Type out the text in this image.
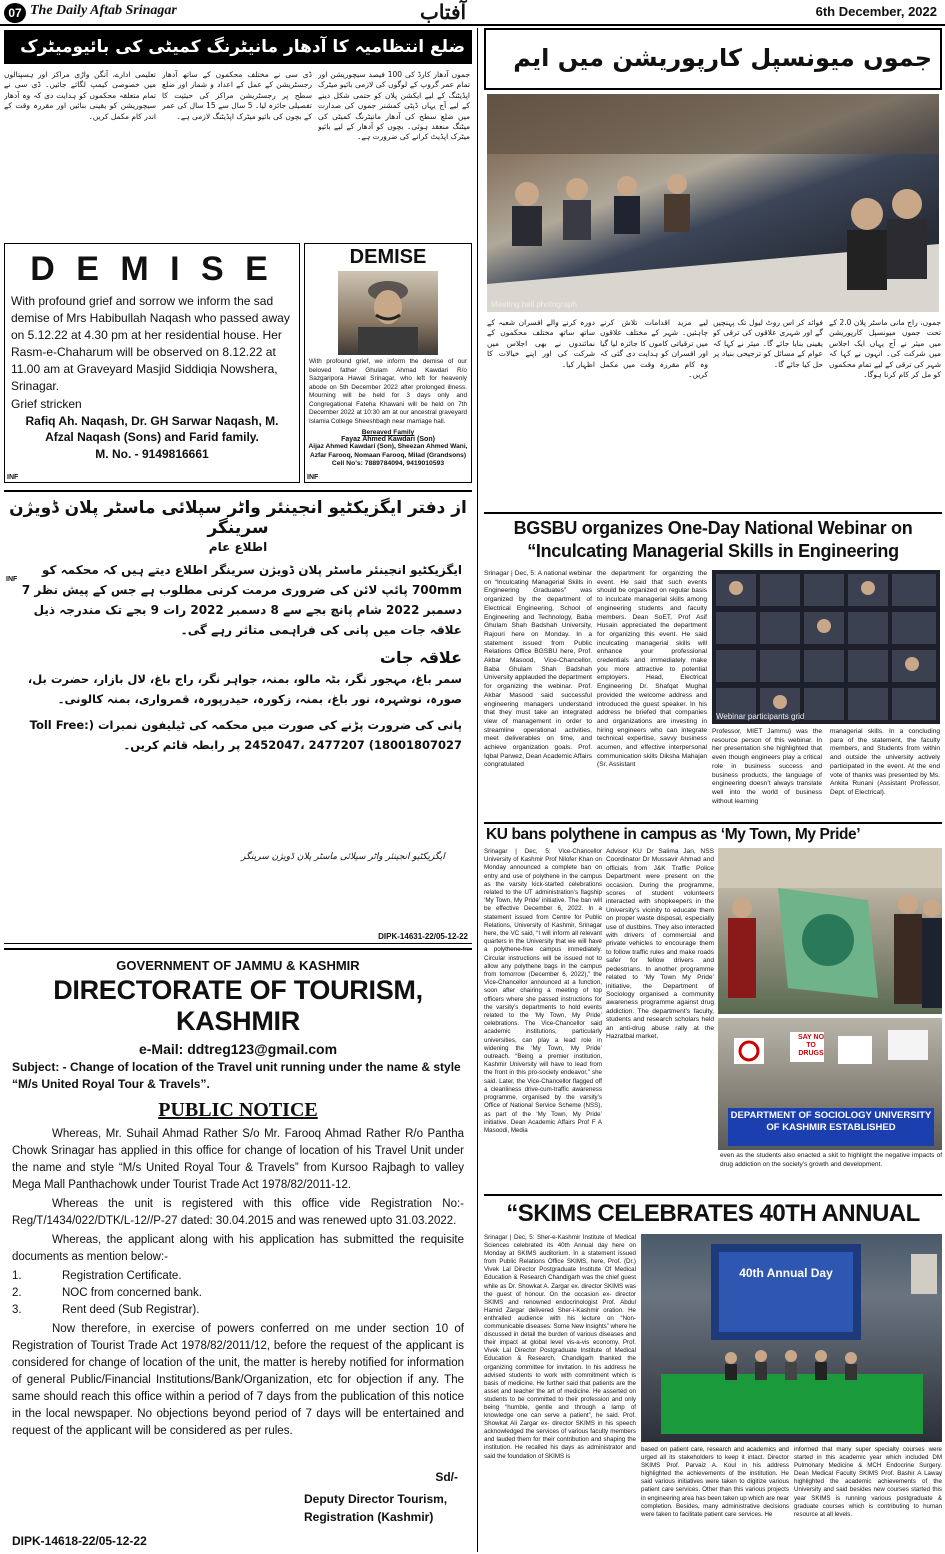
07 The Daily Aftab Srinagar	آفتاب	6th December, 2022
ضلع انتظامیہ کا آدھار مانیٹرنگ کمیٹی کی بائیومیٹرک
جموں آدھار کارڈ کی 100 فیصد سیچوریشن اور تمام عمر گروپ کے لوگوں کی لازمی بائیو میٹرک اپڈیٹنگ کے لیے ایکشن پلان کو حتمی شکل دینے کے لیے آج یہاں ڈپٹی کمشنر جموں کی صدارت میں ضلع سطح کی آدھار مانیٹرنگ کمیٹی کی میٹنگ منعقد ہوئی۔ بچوں کو آدھار کے لیے بائیو میٹرک اپڈیٹ کرانے کی ضرورت ہے۔
ڈی سی نے مختلف محکموں کے ساتھ آدھار رجسٹریشن کے عمل کے اعداد و شمار اور ضلع سطح پر رجسٹریشن مراکز کی حیثیت کا تفصیلی جائزہ لیا۔ 5 سال سے 15 سال کی عمر کے بچوں کی بائیو میٹرک اپڈیٹنگ لازمی ہے۔
تعلیمی ادارے، آنگن واڑی مراکز اور ہسپتالوں میں خصوصی کیمپ لگائے جائیں۔ ڈی سی نے تمام متعلقہ محکموں کو ہدایت دی کہ وہ آدھار سیچوریشن کو یقینی بنائیں اور مقررہ وقت کے اندر کام مکمل کریں۔
D E M I S E
With profound grief and sorrow we inform the sad demise of Mrs Habibullah Naqash who passed away on 5.12.22 at 4.30 pm at her residential house. Her Rasm-e-Chaharum will be observed on 8.12.22 at 11.00 am at Graveyard Masjid Siddiqia Nowshera, Srinagar.
Grief stricken
Rafiq Ah. Naqash, Dr. GH Sarwar Naqash, M. Afzal Naqash (Sons) and Farid family.
M. No. - 9149816661
INF
DEMISE
With profound grief, we inform the demise of our beloved father Ghulam Ahmad Kawdari R/o Sazgaripora Hawal Srinagar, who left for heavenly abode on 5th December 2022 after prolonged illness. Mourning will be held for 3 days only and Congregational Fateha Khawani will be held on 7th December 2022 at 10:30 am at our ancestral graveyard Islamia College Sheeshbagh near marriage hall.
Bereaved Family
Fayaz Ahmed Kawdari (Son)
Aijaz Ahmed Kawdari (Son), Sheezan Ahmed Wani, Azfar Farooq, Nomaan Farooq, Milad (Grandsons)
Cell No's: 7889784094, 9419010593
INF
جموں میونسپل کارپوریشن میں ایم
Meeting hall photograph
جموں، راج مانی ماسٹر پلان 2.0 کے تحت جموں میونسپل کارپوریشن میں میئر نے آج یہاں ایک اجلاس میں شرکت کی۔ انہوں نے کہا کہ شہر کی ترقی کے لیے تمام محکموں کو مل کر کام کرنا ہوگا۔
فوائد کر اس روٹ لیول تک پہنچیں گے اور شہری علاقوں کی ترقی کو یقینی بنایا جائے گا۔ میئر نے کہا کہ عوام کے مسائل کو ترجیحی بنیاد پر حل کیا جائے گا۔
لیے مزید اقدامات تلاش کرنے چاہئیں۔ شہر کے مختلف علاقوں میں ترقیاتی کاموں کا جائزہ لیا گیا اور افسران کو ہدایت دی گئی کہ وہ کام مقررہ وقت میں مکمل کریں۔
دورہ کرنے والے افسران شعبہ کے ساتھ ساتھ مختلف محکموں کے نمائندوں نے بھی اجلاس میں شرکت کی اور اپنے خیالات کا اظہار کیا۔
از دفتر ایگزیکٹیو انجینئر واٹر سپلائی ماسٹر پلان ڈویژن سرینگر
اطلاع عام
ایگزیکٹیو انجینئر ماسٹر پلان ڈویژن سرینگر اطلاع دیتے ہیں کہ محکمہ کو 700mm پائپ لائن کی ضروری مرمت کرنی مطلوب ہے جس کے پیش نظر 7 دسمبر 2022 شام پانچ بجے سے 8 دسمبر 2022 رات 9 بجے تک مندرجہ ذیل علاقہ جات میں پانی کی فراہمی متاثر رہے گی۔
علاقہ جات
سمر باغ، مہجور نگر، بٹہ مالو، بمنہ، جواہر نگر، راج باغ، لال بازار، حضرت بل، صورہ، نوشہرہ، نور باغ، بمنہ، زکورہ، حیدرپورہ، قمرواری، بمنہ کالونی۔
پانی کی ضرورت پڑنے کی صورت میں محکمہ کی ٹیلیفون نمبرات (Toll Free: 18001807027) 2452047، 2477207 پر رابطہ قائم کریں۔
ایگزیکٹیو انجینئر واٹر سپلائی ماسٹر پلان ڈویژن سرینگر
INF
DIPK-14631-22/05-12-22
BGSBU organizes One-Day National Webinar on “Inculcating Managerial Skills in Engineering
Srinagar | Dec, 5: A national webinar on “Inculcating Managerial Skills in Engineering Graduates” was organized by the department of Electrical Engineering, School of Engineering and Technology, Baba Ghulam Shah Badshah University, Rajouri here on Monday. In a statement issued from Public Relations Office BGSBU here, Prof. Akbar Masood, Vice-Chancellor, Baba Ghulam Shah Badshah University applauded the department for organizing the webinar. Prof. Akbar Masood said successful engineering managers understand that they must take an integrated view of management in order to streamline operational activities, meet deliverables on time, and achieve organization goals. Prof. Iqbal Parwez, Dean Academic Affairs congratulated
the department for organizing the event. He said that such events should be organized on regular basis to inculcate managerial skills among engineering students and faculty members. Dean SoET, Prof Asif Husain appreciated the department for organizing this event. He said inculcating managerial skills will enhance your professional credentials and immediately make you more attractive to potential employers. Head, Electrical Engineering Dr. Shafqat Mughal provided the welcome address and introduced the guest speaker. In his address he briefed that companies and organizations are investing in hiring engineers who can integrate technical expertise, savvy business acumen, and effective interpersonal communication skills Diksha Mahajan (Sr. Assistant
Webinar participants grid
Professor, MIET Jammu) was the resource person of this webinar. In her presentation she highlighted that even though engineers play a critical role in business success and business products, the language of engineering doesn’t always translate well into the world of business without learning
managerial skills. In a concluding para of the statement, the faculty members, and Students from within and outside the university actively participated in the event. At the end vote of thanks was presented by Ms. Ankita Runani (Assistant Professor, Dept. of Electrical).
KU bans polythene in campus as ‘My Town, My Pride’
Srinagar | Dec, 5: Vice-Chancellor University of Kashmir Prof Nilofer Khan on Monday announced a complete ban on entry and use of polythene in the campus as the varsity kick-started celebrations related to the UT administration’s flagship ‘My Town, My Pride’ initiative. The ban will be effective December 6, 2022. In a statement issued from Centre for Public Relations, University of Kashmir, Srinagar here, the VC said, “I will inform all relevant quarters in the University that we will have a polythene-free campus immediately. Circular instructions will be issued not to allow any polythene bags in the campus from tomorrow (December 6, 2022),” the Vice-Chancellor announced at a function, soon after chairing a meeting of top officers where she passed instructions for the varsity’s departments to hold events related to the ‘My Town, My Pride’ celebrations. The Vice-Chancellor said academic institutions, particularly universities, can play a lead role in widening the ‘My Town, My Pride’ outreach. “Being a premier institution, Kashmir University will have to lead from the front in this pro-society endeavor,” she said. Later, the Vice-Chancellor flagged off a cleanliness drive-cum-traffic awareness programme, organised by the varsity’s Office of National Service Scheme (NSS), as part of the ‘My Town, My Pride’ initiative. Dean Academic Affairs Prof F A Masoodi, Media
Advisor KU Dr Salima Jan, NSS Coordinator Dr Mussavir Ahmad and officials from J&K Traffic Police Department were present on the occasion. During the programme, scores of student volunteers interacted with shopkeepers in the University’s vicinity to educate them on proper waste disposal, especially use of dustbins. They also interacted with drivers of commercial and private vehicles to encourage them to follow traffic rules and make roads safer for fellow drivers and pedestrians. In another programme related to ‘My Town My Pride’ initiative, the Department of Sociology organised a community awareness programme against drug addiction. The department’s faculty, students and research scholars held an anti-drug abuse rally at the Hazratbal market,	SAY NO TO DRUGS
DEPARTMENT OF SOCIOLOGY UNIVERSITY OF KASHMIR ESTABLISHED
even as the students also enacted a skit to highlight the negative impacts of drug addiction on the society’s growth and development.
GOVERNMENT OF JAMMU & KASHMIR
DIRECTORATE OF TOURISM, KASHMIR
e-Mail: ddtreg123@gmail.com
Subject: - Change of location of the Travel unit running under the name & style “M/s United Royal Tour & Travels”.
PUBLIC NOTICE
Whereas, Mr. Suhail Ahmad Rather S/o Mr. Farooq Ahmad Rather R/o Pantha Chowk Srinagar has applied in this office for change of location of his Travel Unit under the name and style “M/s United Royal Tour & Travels” from Kursoo Rajbagh to valley Mega Mall Panthachowk under Tourist Trade Act 1978/82/2011-12.
Whereas the unit is registered with this office vide Registration No:- Reg/T/1434/022/DTK/L-12//P-27 dated: 30.04.2015 and was renewed upto 31.03.2022.
Whereas, the applicant along with his application has submitted the requisite documents as mention below:-
1.	Registration Certificate.
2.	NOC from concerned bank.
3.	Rent deed (Sub Registrar).
Now therefore, in exercise of powers conferred on me under section 10 of Registration of Tourist Trade Act 1978/82/2011/12, before the request of the applicant is considered for change of location of the unit, the matter is hereby notified for information of general Public/Financial Institutions/Bank/Organization, etc for objection if any. The same should reach this office within a period of 7 days from the publication of this notice in the local newspaper. No objections beyond period of 7 days will be entertained and request of the applicant will be considered as per rules.
Sd/-
Deputy Director Tourism,
Registration (Kashmir)
DIPK-14618-22/05-12-22
“SKIMS CELEBRATES 40TH ANNUAL
Srinagar | Dec, 5: Sher-e-Kashmir Institute of Medical Sciences celebrated its 40th Annual day here on Monday at SKIMS auditorium. In a statement issued from Public Relations Office SKIMS, here, Prof. (Dr.) Vivek Lal Director Postgraduate Institute Of Medical Education & Research Chandigarh was the chief guest while as Dr. Showkat A. Zargar ex. director SKIMS was the guest of honour. On the occasion ex- director SKIMS and renowned endocrinologist Prof. Abdul Hamid Zargar delivered Sher-i-Kashmir oration. He enthralled audience with his lecture on “Non-communicable diseases: Some New Insights” where he discussed in detail the burden of various diseases and their impact at global level vis-a-vis economy. Prof. Vivek Lal Director Postgraduate Institute of Medical Education & Research, Chandigarh thanked the organizing committee for invitation. In his address he advised students to work with commitment which is basis of medicine. He further said that patients are the asset and teacher the art of medicine. He asserted on students to be committed to their profession and only being “humble, gentle and through a lamp of knowledge one can serve a patient”, he said. Prof. Showkat Ali Zargar ex- director SKIMS in his speech acknowledged the services of various faculty members and lauded them for their contribution and shaping the institution. He recalled his days as administrator and said the foundation of SKIMS is
40th Annual Day
based on patient care, research and academics and urged all its stakeholders to keep it intact. Director SKIMS Prof. Parvaiz A. Koul in his address highlighted the achievements of the institution. He said various initiatives were taken to digitize various patient care services. Other than this various projects in engineering area has been taken up which are near completion. Besides, many administrative decisions were taken to facilitate patient care services. He
informed that many super specialty courses were started in this academic year which included DM Pulmonary Medicine & MCH Endocrine Surgery. Dean Medical Faculty SKIMS Prof. Bashir A Laway highlighted the academic achievements of the University and said besides new courses started this year SKIMS is running various postgraduate & graduate courses which is contributing to human resource at all levels.
